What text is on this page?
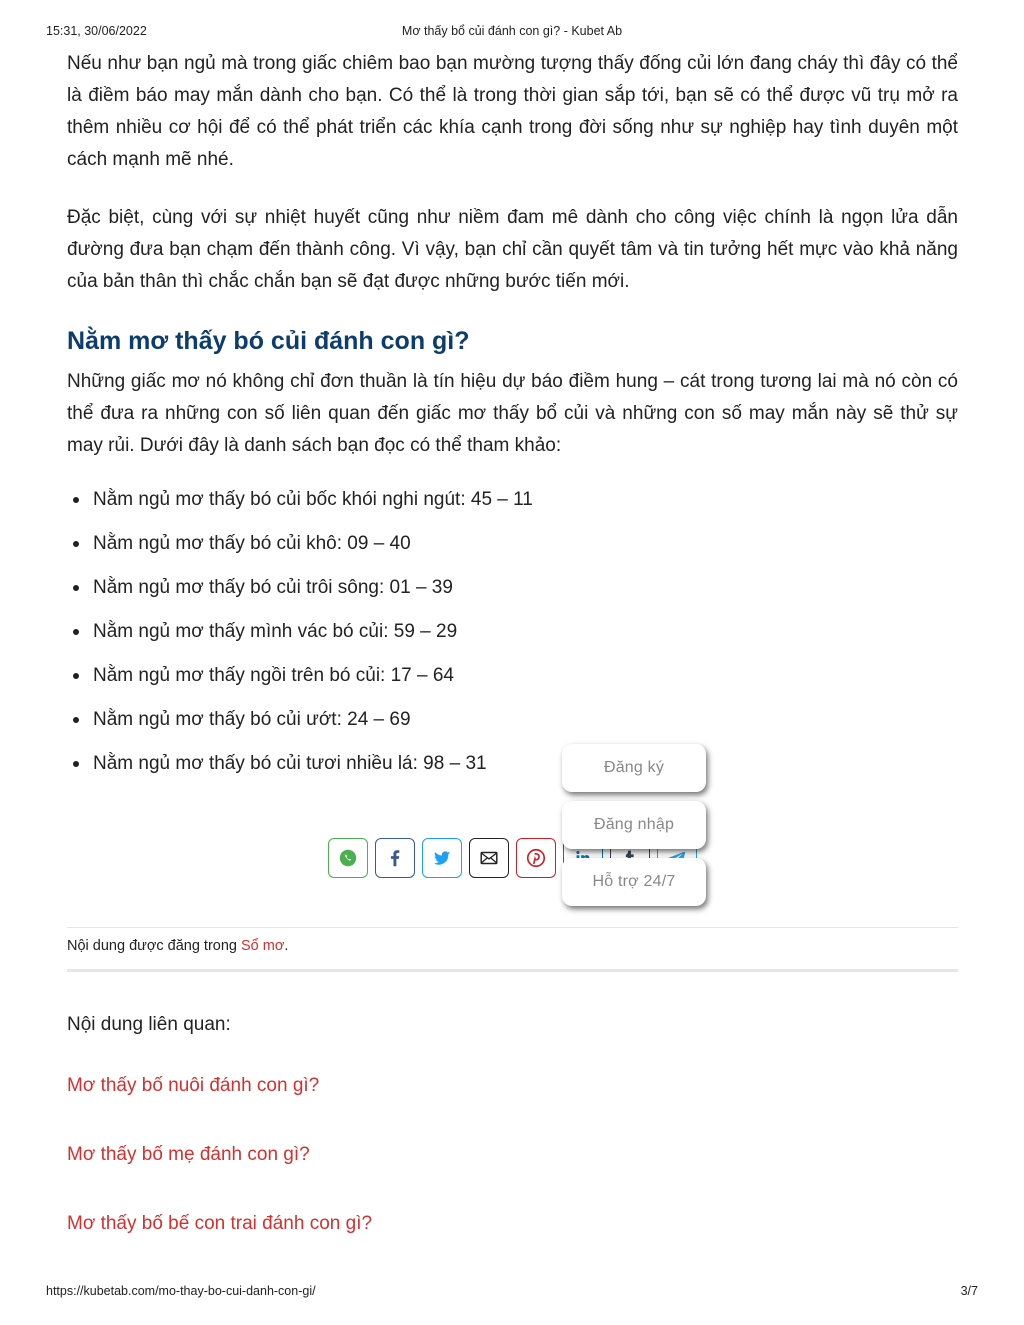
15:31, 30/06/2022	Mơ thấy bổ củi đánh con gì? - Kubet Ab

Nếu như bạn ngủ mà trong giấc chiêm bao bạn mường tượng thấy đống củi lớn đang cháy thì đây có thể là điềm báo may mắn dành cho bạn. Có thể là trong thời gian sắp tới, bạn sẽ có thể được vũ trụ mở ra thêm nhiều cơ hội để có thể phát triển các khía cạnh trong đời sống như sự nghiệp hay tình duyên một cách mạnh mẽ nhé.

Đặc biệt, cùng với sự nhiệt huyết cũng như niềm đam mê dành cho công việc chính là ngọn lửa dẫn đường đưa bạn chạm đến thành công. Vì vậy, bạn chỉ cần quyết tâm và tin tưởng hết mực vào khả năng của bản thân thì chắc chắn bạn sẽ đạt được những bước tiến mới.

Nằm mơ thấy bó củi đánh con gì?

Những giấc mơ nó không chỉ đơn thuần là tín hiệu dự báo điềm hung – cát trong tương lai mà nó còn có thể đưa ra những con số liên quan đến giấc mơ thấy bổ củi và những con số may mắn này sẽ thử sự may rủi. Dưới đây là danh sách bạn đọc có thể tham khảo:

Nằm ngủ mơ thấy bó củi bốc khói nghi ngút: 45 – 11
Nằm ngủ mơ thấy bó củi khô: 09 – 40
Nằm ngủ mơ thấy bó củi trôi sông: 01 – 39
Nằm ngủ mơ thấy mình vác bó củi: 59 – 29
Nằm ngủ mơ thấy ngồi trên bó củi: 17 – 64
Nằm ngủ mơ thấy bó củi ướt: 24 – 69
Nằm ngủ mơ thấy bó củi tươi nhiều lá: 98 – 31	Đăng ký
Đăng nhập
Hỗ trợ 24/7
Nội dung được đăng trong Sổ mơ.
Nội dung liên quan:
Mơ thấy bố nuôi đánh con gì?
Mơ thấy bố mẹ đánh con gì?
Mơ thấy bố bế con trai đánh con gì?
https://kubetab.com/mo-thay-bo-cui-danh-con-gi/	3/7
